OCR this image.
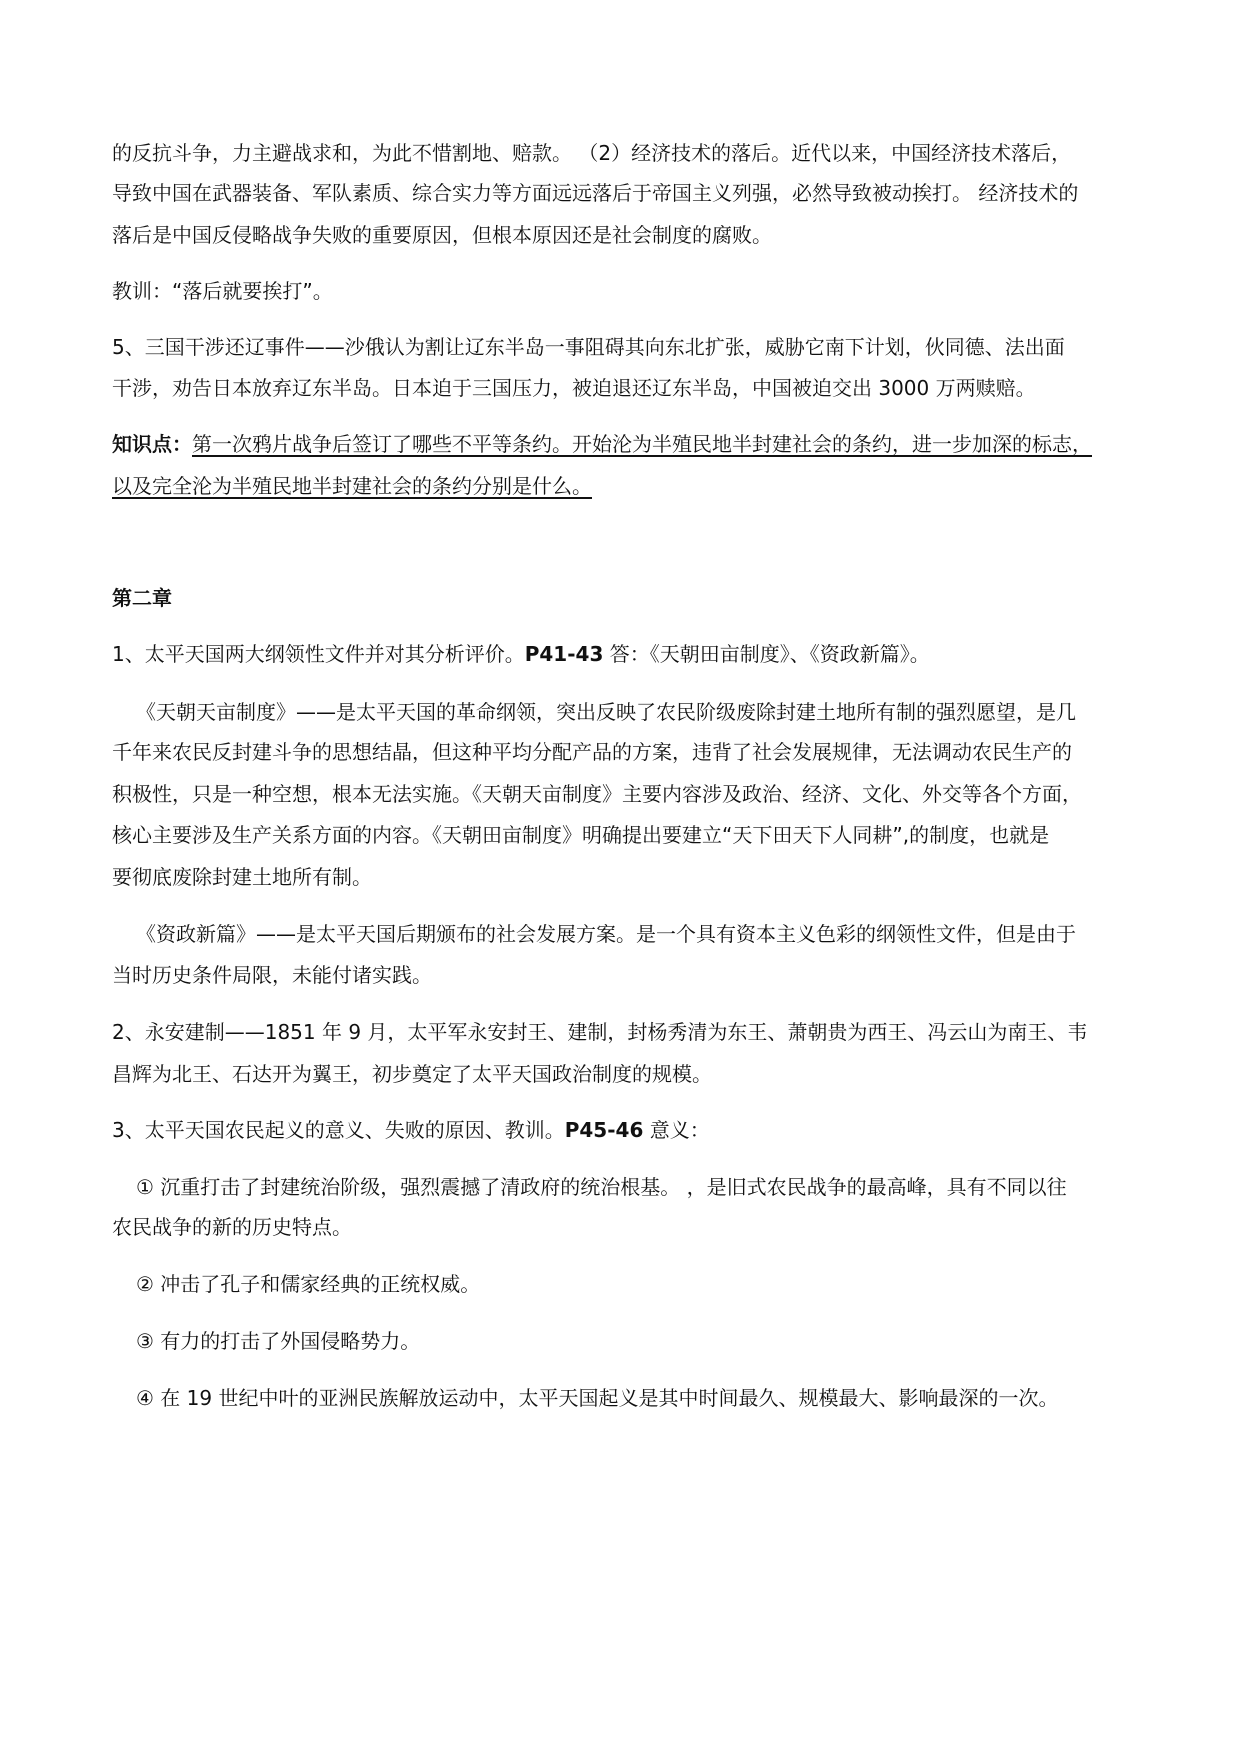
的反抗斗争，力主避战求和，为此不惜割地、赔款。 （2）经济技术的落后。近代以来，中国经济技术落后，
导致中国在武器装备、军队素质、综合实力等方面远远落后于帝国主义列强，必然导致被动挨打。 经济技术的
落后是中国反侵略战争失败的重要原因，但根本原因还是社会制度的腐败。
教训：“落后就要挨打”。
5、三国干涉还辽事件——沙俄认为割让辽东半岛一事阻碍其向东北扩张，威胁它南下计划，伙同德、法出面
干涉，劝告日本放弃辽东半岛。日本迫于三国压力，被迫退还辽东半岛，中国被迫交出 3000 万两赎赔。
知识点：第一次鸦片战争后签订了哪些不平等条约。开始沦为半殖民地半封建社会的条约，进一步加深的标志，
以及完全沦为半殖民地半封建社会的条约分别是什么。
第二章
1、太平天国两大纲领性文件并对其分析评价。P41-43 答：《天朝田亩制度》、《资政新篇》。
《天朝天亩制度》——是太平天国的革命纲领，突出反映了农民阶级废除封建土地所有制的强烈愿望，是几
千年来农民反封建斗争的思想结晶，但这种平均分配产品的方案，违背了社会发展规律，无法调动农民生产的
积极性，只是一种空想，根本无法实施。《天朝天亩制度》主要内容涉及政治、经济、文化、外交等各个方面，
核心主要涉及生产关系方面的内容。《天朝田亩制度》明确提出要建立“天下田天下人同耕”,的制度，也就是
要彻底废除封建土地所有制。
《资政新篇》——是太平天国后期颁布的社会发展方案。是一个具有资本主义色彩的纲领性文件，但是由于
当时历史条件局限，未能付诸实践。
2、永安建制——1851 年 9 月，太平军永安封王、建制，封杨秀清为东王、萧朝贵为西王、冯云山为南王、韦
昌辉为北王、石达开为翼王，初步奠定了太平天国政治制度的规模。
3、太平天国农民起义的意义、失败的原因、教训。P45-46 意义：
① 沉重打击了封建统治阶级，强烈震撼了清政府的统治根基。 ，是旧式农民战争的最高峰，具有不同以往
农民战争的新的历史特点。
② 冲击了孔子和儒家经典的正统权威。
③ 有力的打击了外国侵略势力。
④ 在 19 世纪中叶的亚洲民族解放运动中，太平天国起义是其中时间最久、规模最大、影响最深的一次。
